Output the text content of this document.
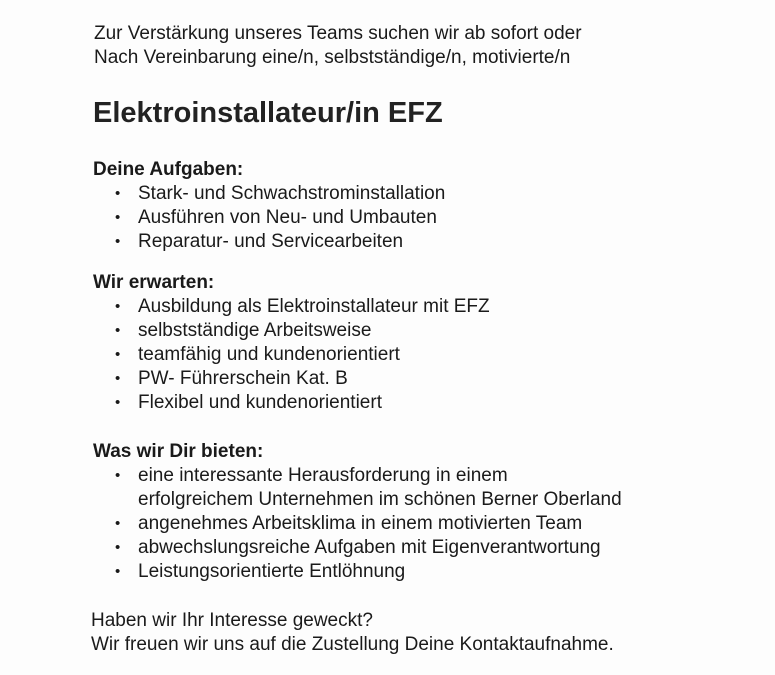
Zur Verstärkung unseres Teams suchen wir ab sofort oder
Nach Vereinbarung eine/n, selbstständige/n, motivierte/n
Elektroinstallateur/in EFZ
Deine Aufgaben:
• Stark- und Schwachstrominstallation
• Ausführen von Neu- und Umbauten
• Reparatur- und Servicearbeiten
Wir erwarten:
• Ausbildung als Elektroinstallateur mit EFZ
• selbstständige Arbeitsweise
• teamfähig und kundenorientiert
• PW- Führerschein Kat. B
• Flexibel und kundenorientiert
Was wir Dir bieten:
• eine interessante Herausforderung in einem
erfolgreichem Unternehmen im schönen Berner Oberland
• angenehmes Arbeitsklima in einem motivierten Team
• abwechslungsreiche Aufgaben mit Eigenverantwortung
• Leistungsorientierte Entlöhnung
Haben wir Ihr Interesse geweckt?
Wir freuen wir uns auf die Zustellung Deine Kontaktaufnahme.
